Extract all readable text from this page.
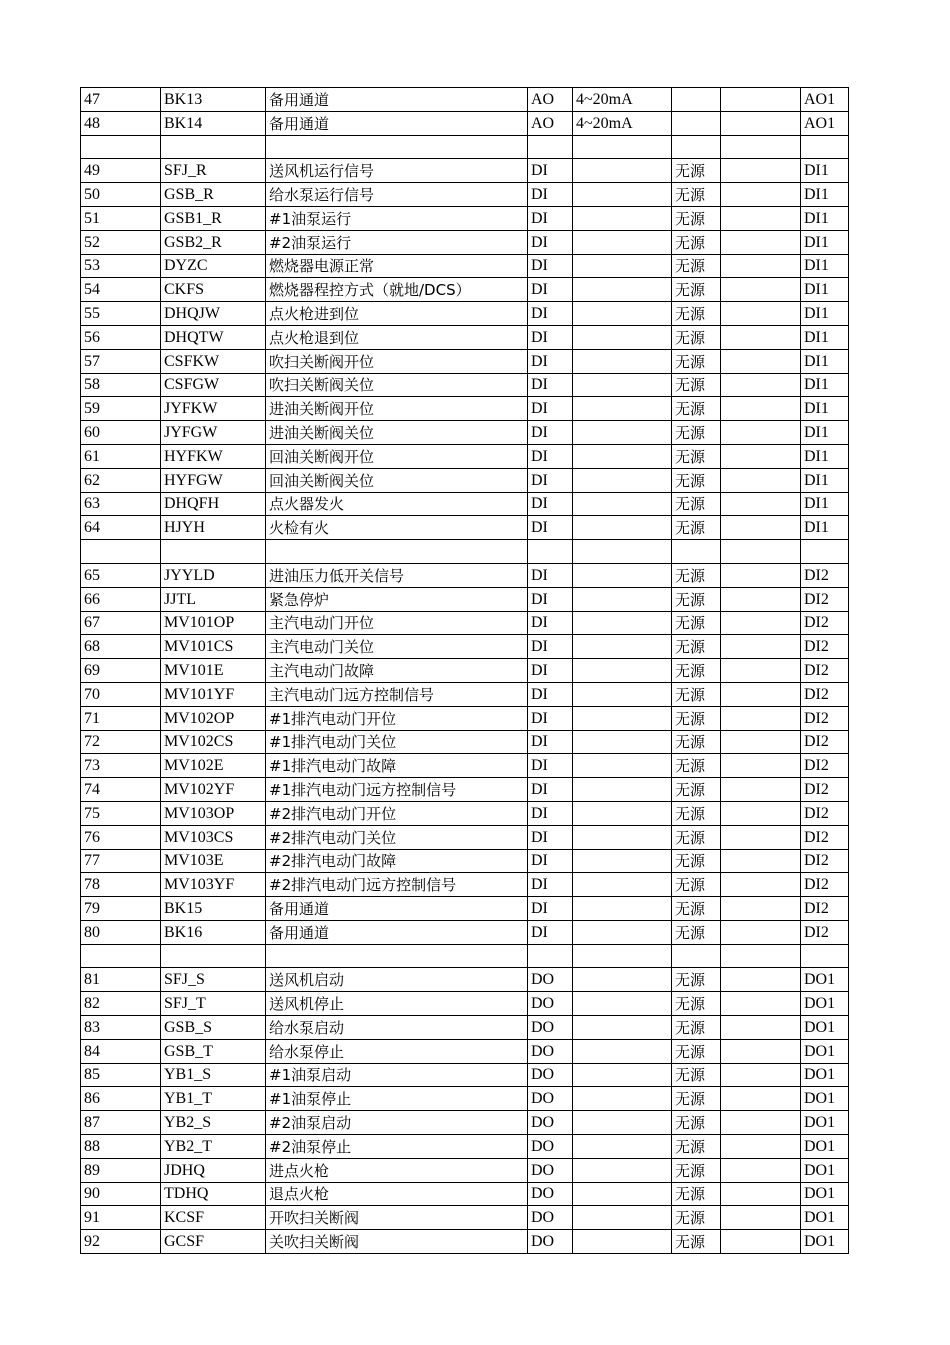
47	BK13	备用通道	AO	4~20mA			AO1
48	BK14	备用通道	AO	4~20mA			AO1

49	SFJ_R	送风机运行信号	DI		无源		DI1
50	GSB_R	给水泵运行信号	DI		无源		DI1
51	GSB1_R	#1油泵运行	DI		无源		DI1
52	GSB2_R	#2油泵运行	DI		无源		DI1
53	DYZC	燃烧器电源正常	DI		无源		DI1
54	CKFS	燃烧器程控方式（就地/DCS）	DI		无源		DI1
55	DHQJW	点火枪进到位	DI		无源		DI1
56	DHQTW	点火枪退到位	DI		无源		DI1
57	CSFKW	吹扫关断阀开位	DI		无源		DI1
58	CSFGW	吹扫关断阀关位	DI		无源		DI1
59	JYFKW	进油关断阀开位	DI		无源		DI1
60	JYFGW	进油关断阀关位	DI		无源		DI1
61	HYFKW	回油关断阀开位	DI		无源		DI1
62	HYFGW	回油关断阀关位	DI		无源		DI1
63	DHQFH	点火器发火	DI		无源		DI1
64	HJYH	火检有火	DI		无源		DI1

65	JYYLD	进油压力低开关信号	DI		无源		DI2
66	JJTL	紧急停炉	DI		无源		DI2
67	MV101OP	主汽电动门开位	DI		无源		DI2
68	MV101CS	主汽电动门关位	DI		无源		DI2
69	MV101E	主汽电动门故障	DI		无源		DI2
70	MV101YF	主汽电动门远方控制信号	DI		无源		DI2
71	MV102OP	#1排汽电动门开位	DI		无源		DI2
72	MV102CS	#1排汽电动门关位	DI		无源		DI2
73	MV102E	#1排汽电动门故障	DI		无源		DI2
74	MV102YF	#1排汽电动门远方控制信号	DI		无源		DI2
75	MV103OP	#2排汽电动门开位	DI		无源		DI2
76	MV103CS	#2排汽电动门关位	DI		无源		DI2
77	MV103E	#2排汽电动门故障	DI		无源		DI2
78	MV103YF	#2排汽电动门远方控制信号	DI		无源		DI2
79	BK15	备用通道	DI		无源		DI2
80	BK16	备用通道	DI		无源		DI2

81	SFJ_S	送风机启动	DO		无源		DO1
82	SFJ_T	送风机停止	DO		无源		DO1
83	GSB_S	给水泵启动	DO		无源		DO1
84	GSB_T	给水泵停止	DO		无源		DO1
85	YB1_S	#1油泵启动	DO		无源		DO1
86	YB1_T	#1油泵停止	DO		无源		DO1
87	YB2_S	#2油泵启动	DO		无源		DO1
88	YB2_T	#2油泵停止	DO		无源		DO1
89	JDHQ	进点火枪	DO		无源		DO1
90	TDHQ	退点火枪	DO		无源		DO1
91	KCSF	开吹扫关断阀	DO		无源		DO1
92	GCSF	关吹扫关断阀	DO		无源		DO1
